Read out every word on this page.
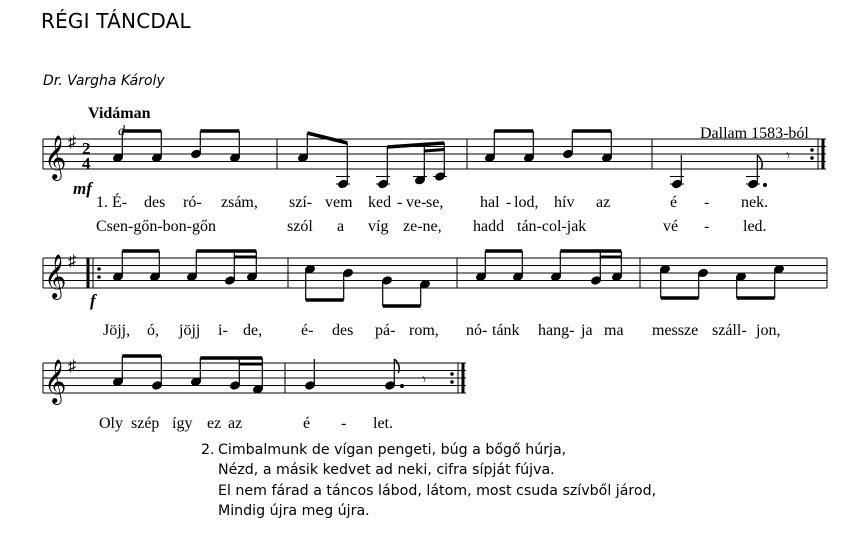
RÉGI TÁNCDAL
Dr. Vargha Károly
Vidáman
d	Dallam 1583-ból
𝄞 ♯ 2
4
mf
𝄾
1. É- des ró- zsám, szí- vem ked - ve- se, hal - lod, hív az	é - nek.
Csen-gőn-bon-gőn	szól a víg ze-ne, hadd tán-col-jak	vé - led.
𝄞 ♯
f
Jöjj, ó, jöjj i- de, é- des pá- rom, nó- tánk hang- ja ma messze száll- jon,
𝄞 ♯
𝄾
Oly szép így ez az	é - let.
2. Cimbalmunk de vígan pengeti, búg a bőgő húrja,
Nézd, a másik kedvet ad neki, cifra sípját fújva.
El nem fárad a táncos lábod, látom, most csuda szívből járod,
Mindig újra meg újra.
